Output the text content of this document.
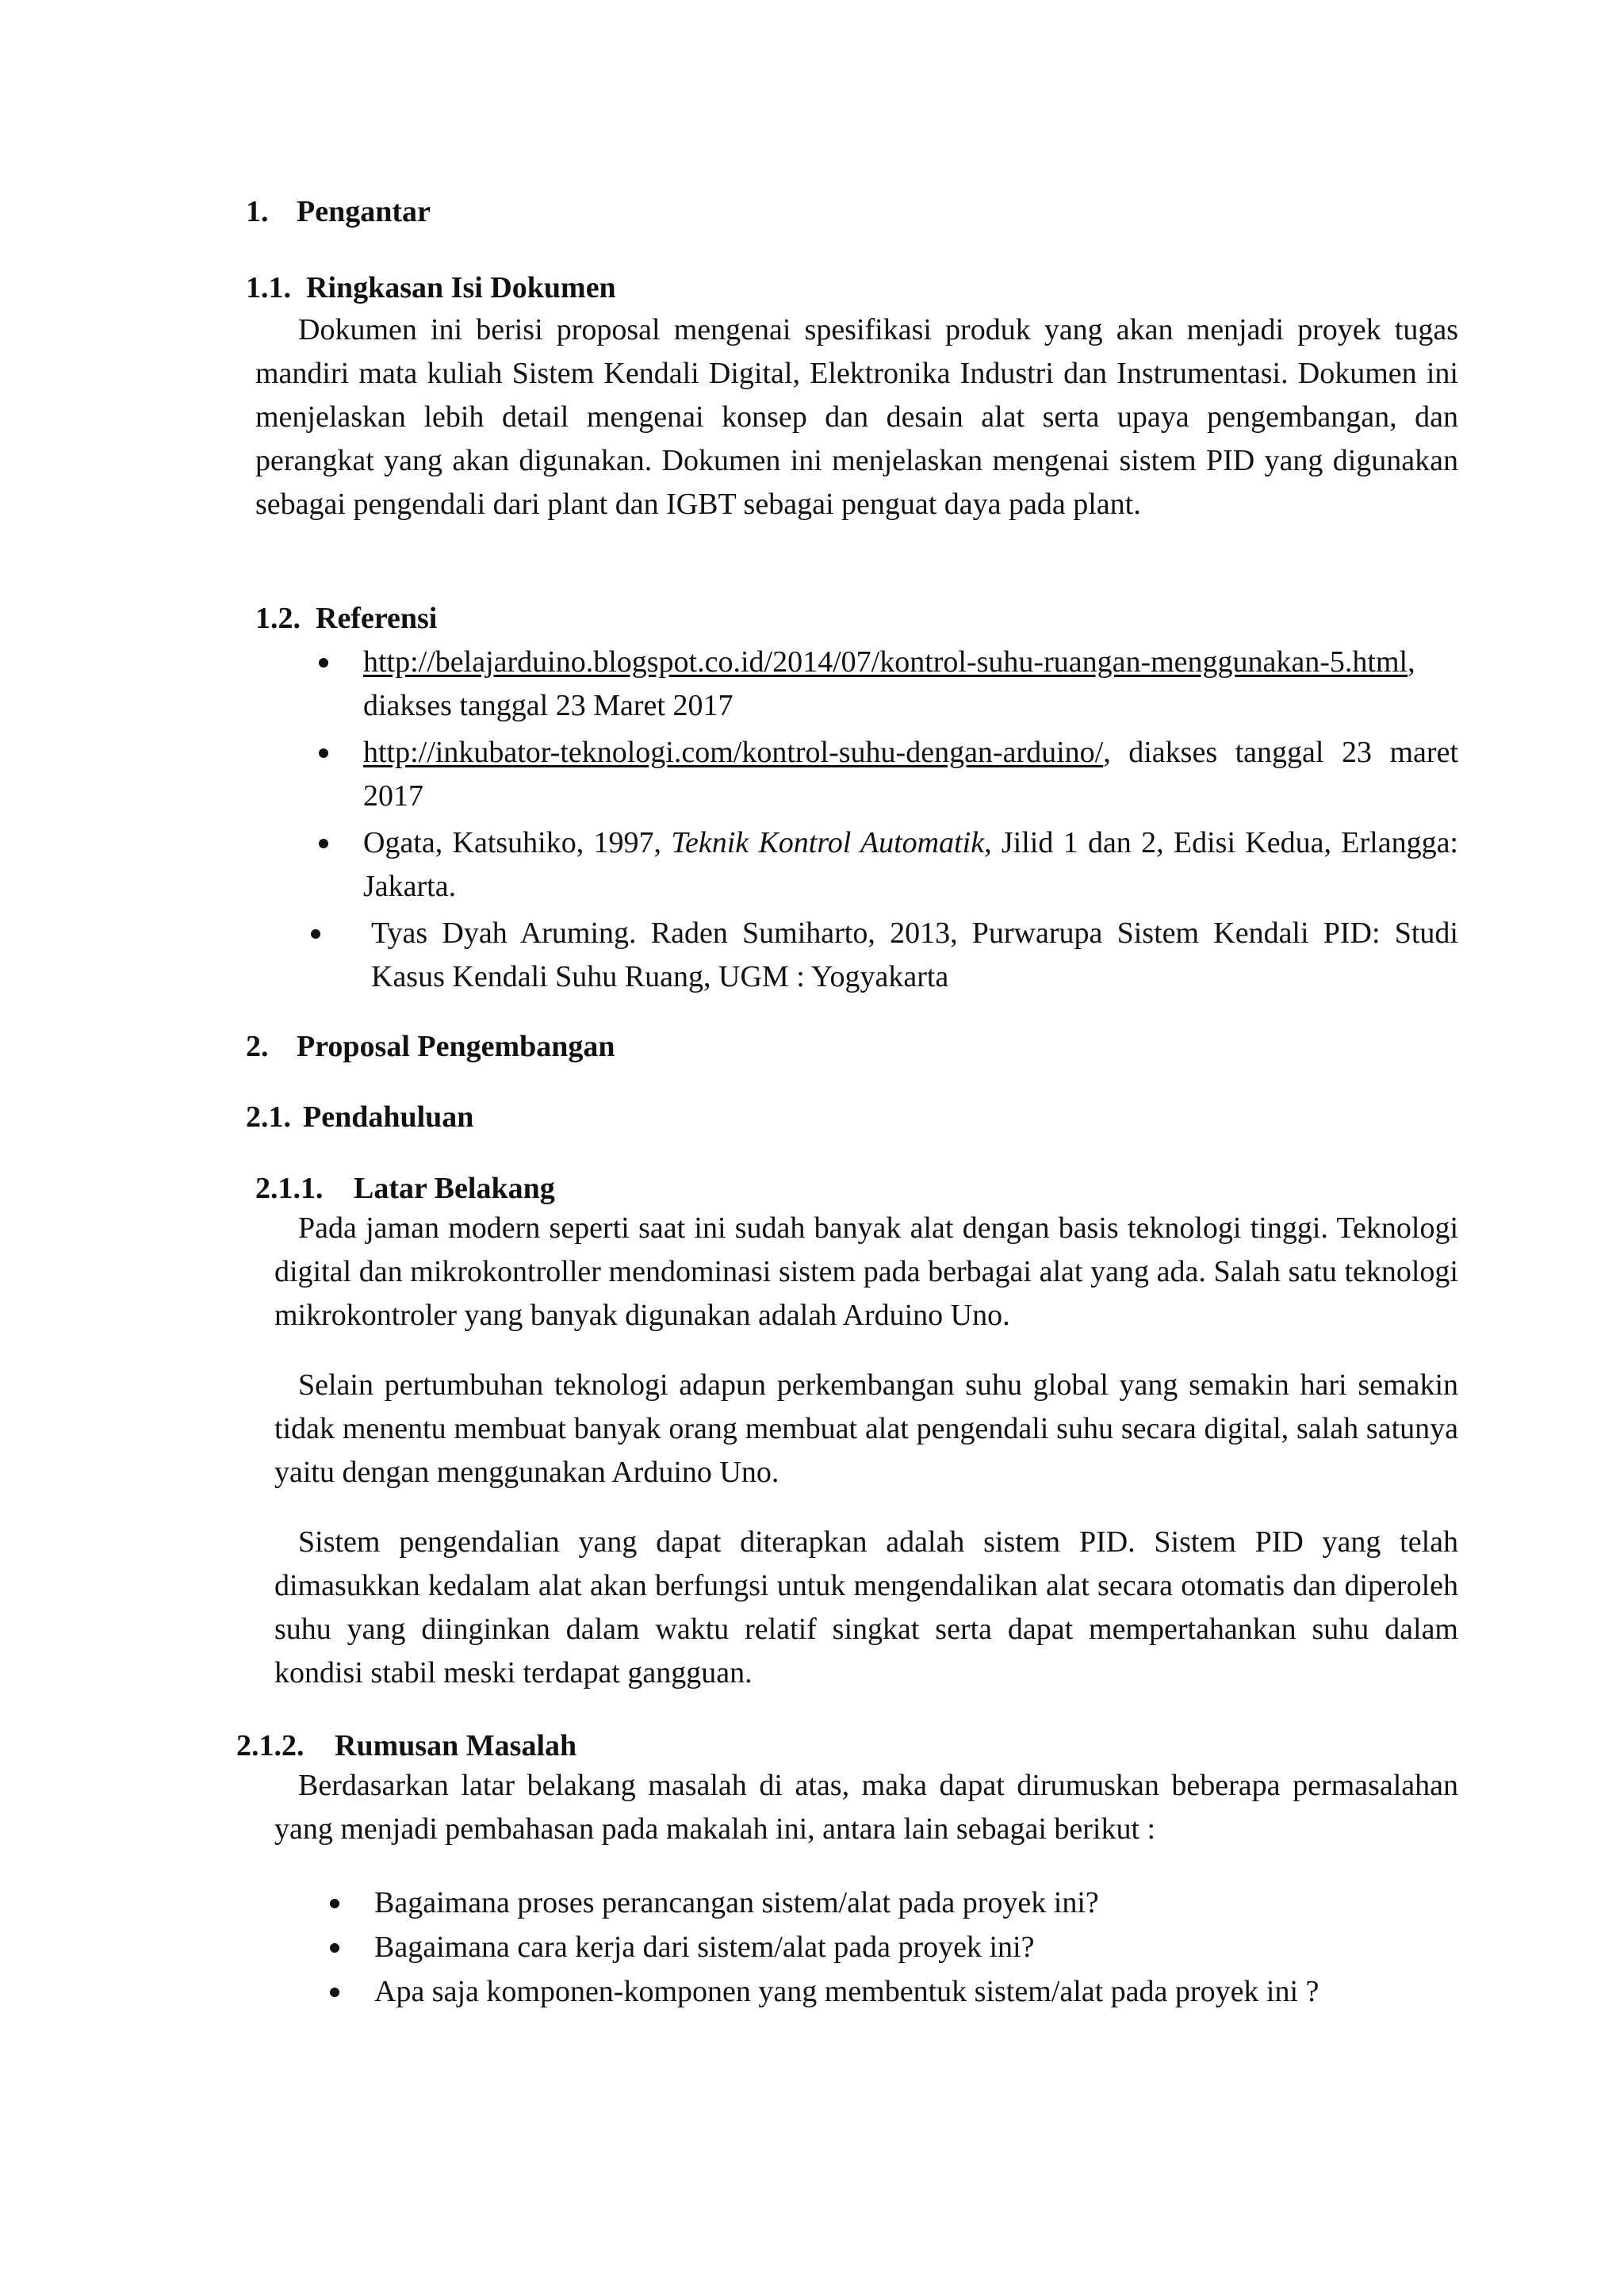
1. Pengantar
1.1. Ringkasan Isi Dokumen

Dokumen ini berisi proposal mengenai spesifikasi produk yang akan menjadi proyek tugas mandiri mata kuliah Sistem Kendali Digital, Elektronika Industri dan Instrumentasi. Dokumen ini menjelaskan lebih detail mengenai konsep dan desain alat serta upaya pengembangan, dan perangkat yang akan digunakan. Dokumen ini menjelaskan mengenai sistem PID yang digunakan sebagai pengendali dari plant dan IGBT sebagai penguat daya pada plant.

1.2. Referensi
http://belajarduino.blogspot.co.id/2014/07/kontrol-suhu-ruangan-menggunakan-5.html, diakses tanggal 23 Maret 2017
http://inkubator-teknologi.com/kontrol-suhu-dengan-arduino/, diakses tanggal 23 maret 2017
Ogata, Katsuhiko, 1997, Teknik Kontrol Automatik, Jilid 1 dan 2, Edisi Kedua, Erlangga: Jakarta.
Tyas Dyah Aruming. Raden Sumiharto, 2013, Purwarupa Sistem Kendali PID: Studi Kasus Kendali Suhu Ruang, UGM : Yogyakarta
2. Proposal Pengembangan
2.1. Pendahuluan
2.1.1. Latar Belakang

Pada jaman modern seperti saat ini sudah banyak alat dengan basis teknologi tinggi. Teknologi digital dan mikrokontroller mendominasi sistem pada berbagai alat yang ada. Salah satu teknologi mikrokontroler yang banyak digunakan adalah Arduino Uno.

Selain pertumbuhan teknologi adapun perkembangan suhu global yang semakin hari semakin tidak menentu membuat banyak orang membuat alat pengendali suhu secara digital, salah satunya yaitu dengan menggunakan Arduino Uno.

Sistem pengendalian yang dapat diterapkan adalah sistem PID. Sistem PID yang telah dimasukkan kedalam alat akan berfungsi untuk mengendalikan alat secara otomatis dan diperoleh suhu yang diinginkan dalam waktu relatif singkat serta dapat mempertahankan suhu dalam kondisi stabil meski terdapat gangguan.

2.1.2. Rumusan Masalah

Berdasarkan latar belakang masalah di atas, maka dapat dirumuskan beberapa permasalahan yang menjadi pembahasan pada makalah ini, antara lain sebagai berikut :

Bagaimana proses perancangan sistem/alat pada proyek ini?
Bagaimana cara kerja dari sistem/alat pada proyek ini?
Apa saja komponen-komponen yang membentuk sistem/alat pada proyek ini ?
